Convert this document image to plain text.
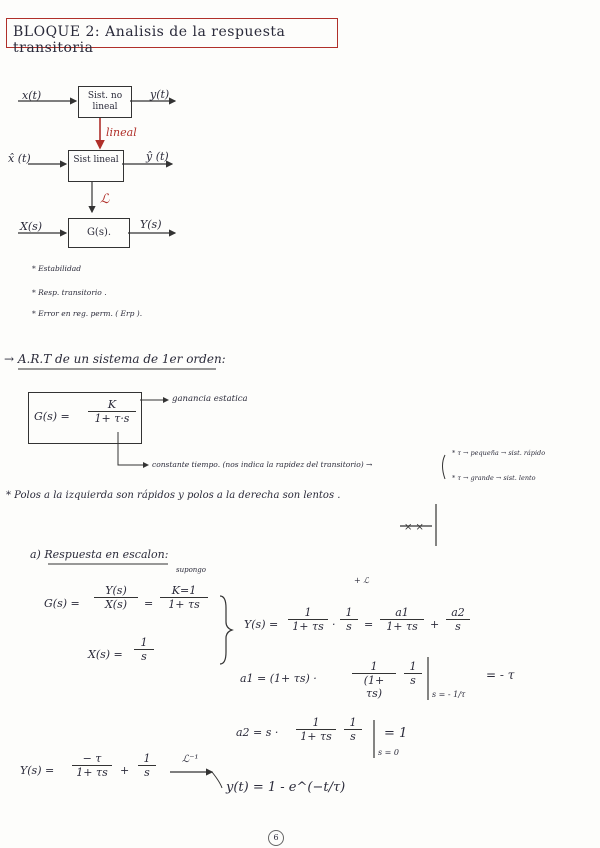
BLOQUE 2: Analisis de la respuesta transitoria
× ×
x(t)	Sist. no lineal
y(t)
lineal
x̂ (t)	Sist lineal	ŷ (t)
ℒ
X(s)	G(s).
Y(s)
* Estabilidad
* Resp. transitorio .
* Error en reg. perm. ( Erp ).
→ A.R.T de un sistema de 1er orden:
$G(s) = \frac{K}{1+ \tau\cdot s}$	ganancia estatica
constante tiempo. (nos indica la rapidez del transitorio) →
* τ → pequeña → sist. rápido
* τ → grande → sist. lento
* Polos a la izquierda son rápidos y polos a la derecha son lentos .
a) Respuesta en escalon:
$G(s) = \frac{Y(s)}{X(s)} = \frac{K=1}{1+ \tau s}$
supongo
$X(s) = \frac{1}{s}$
+ ℒ
$Y(s) = \frac{1}{1+ \tau s} \cdot \frac{1}{s} = \frac{a1}{1+ \tau s} + \frac{a2}{s}$
a1 = (1+ τs) ·	$\frac{1}{(1+ \tau s)} \frac{1}{s}$
s = - 1/τ
= - τ
$a2 = s \cdot \frac{1}{1+ \tau s} \frac{1}{s}$
s = 0
= 1
$Y(s) = \frac{- \tau}{1+ \tau s} + \frac{1}{s}$	ℒ⁻¹
y(t) = 1 - e^(−t/τ)
6
